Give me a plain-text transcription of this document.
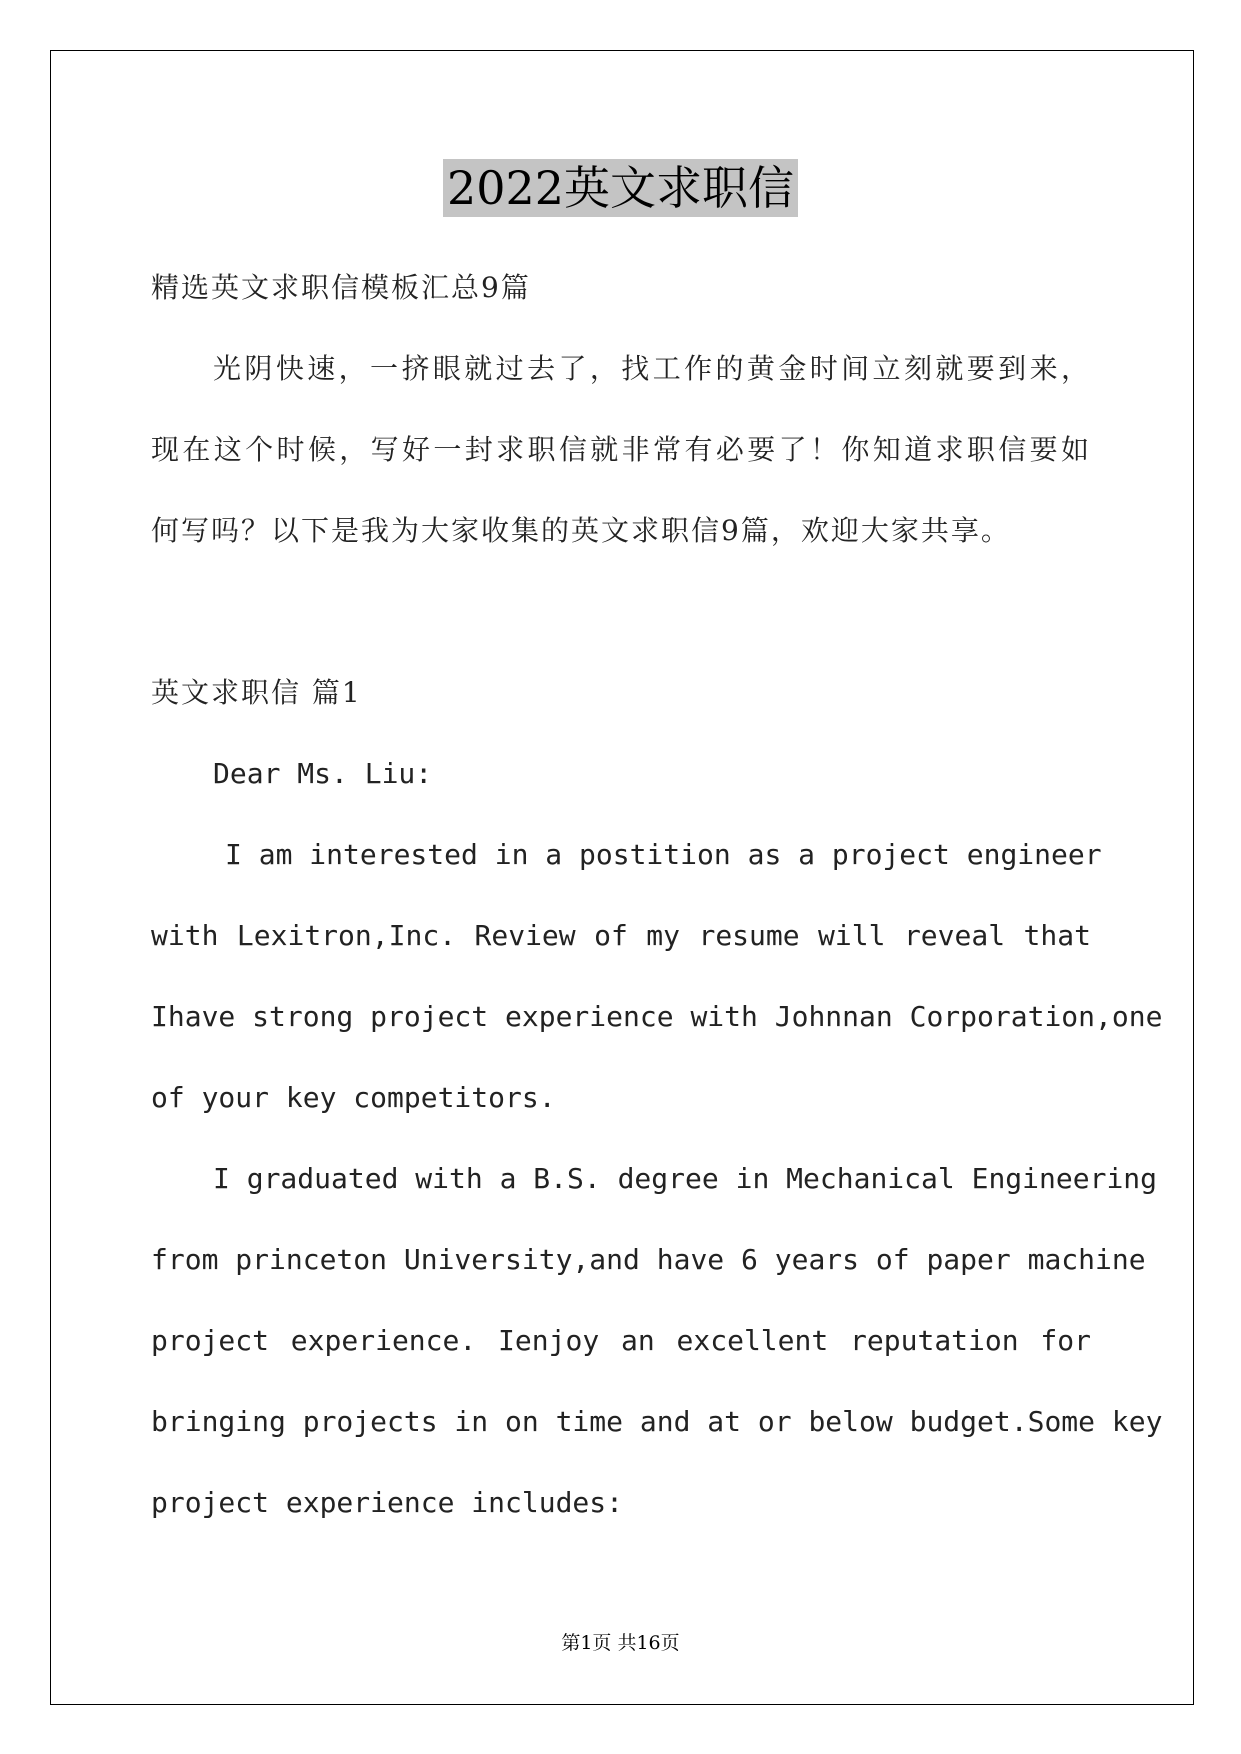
2022英文求职信

精选英文求职信模板汇总9篇

光阴快速，一挤眼就过去了，找工作的黄金时间立刻就要到来，

现在这个时候，写好一封求职信就非常有必要了！你知道求职信要如

何写吗？以下是我为大家收集的英文求职信9篇，欢迎大家共享。

英文求职信 篇1

Dear Ms. Liu:

I am interested in a postition as a project engineer

with Lexitron,Inc. Review of my resume will reveal that

Ihave strong project experience with Johnnan Corporation,one

of your key competitors.

I graduated with a B.S. degree in Mechanical Engineering

from princeton University,and have 6 years of paper machine

project experience. Ienjoy an excellent reputation for

bringing projects in on time and at or below budget.Some key

project experience includes:

第1页 共16页
